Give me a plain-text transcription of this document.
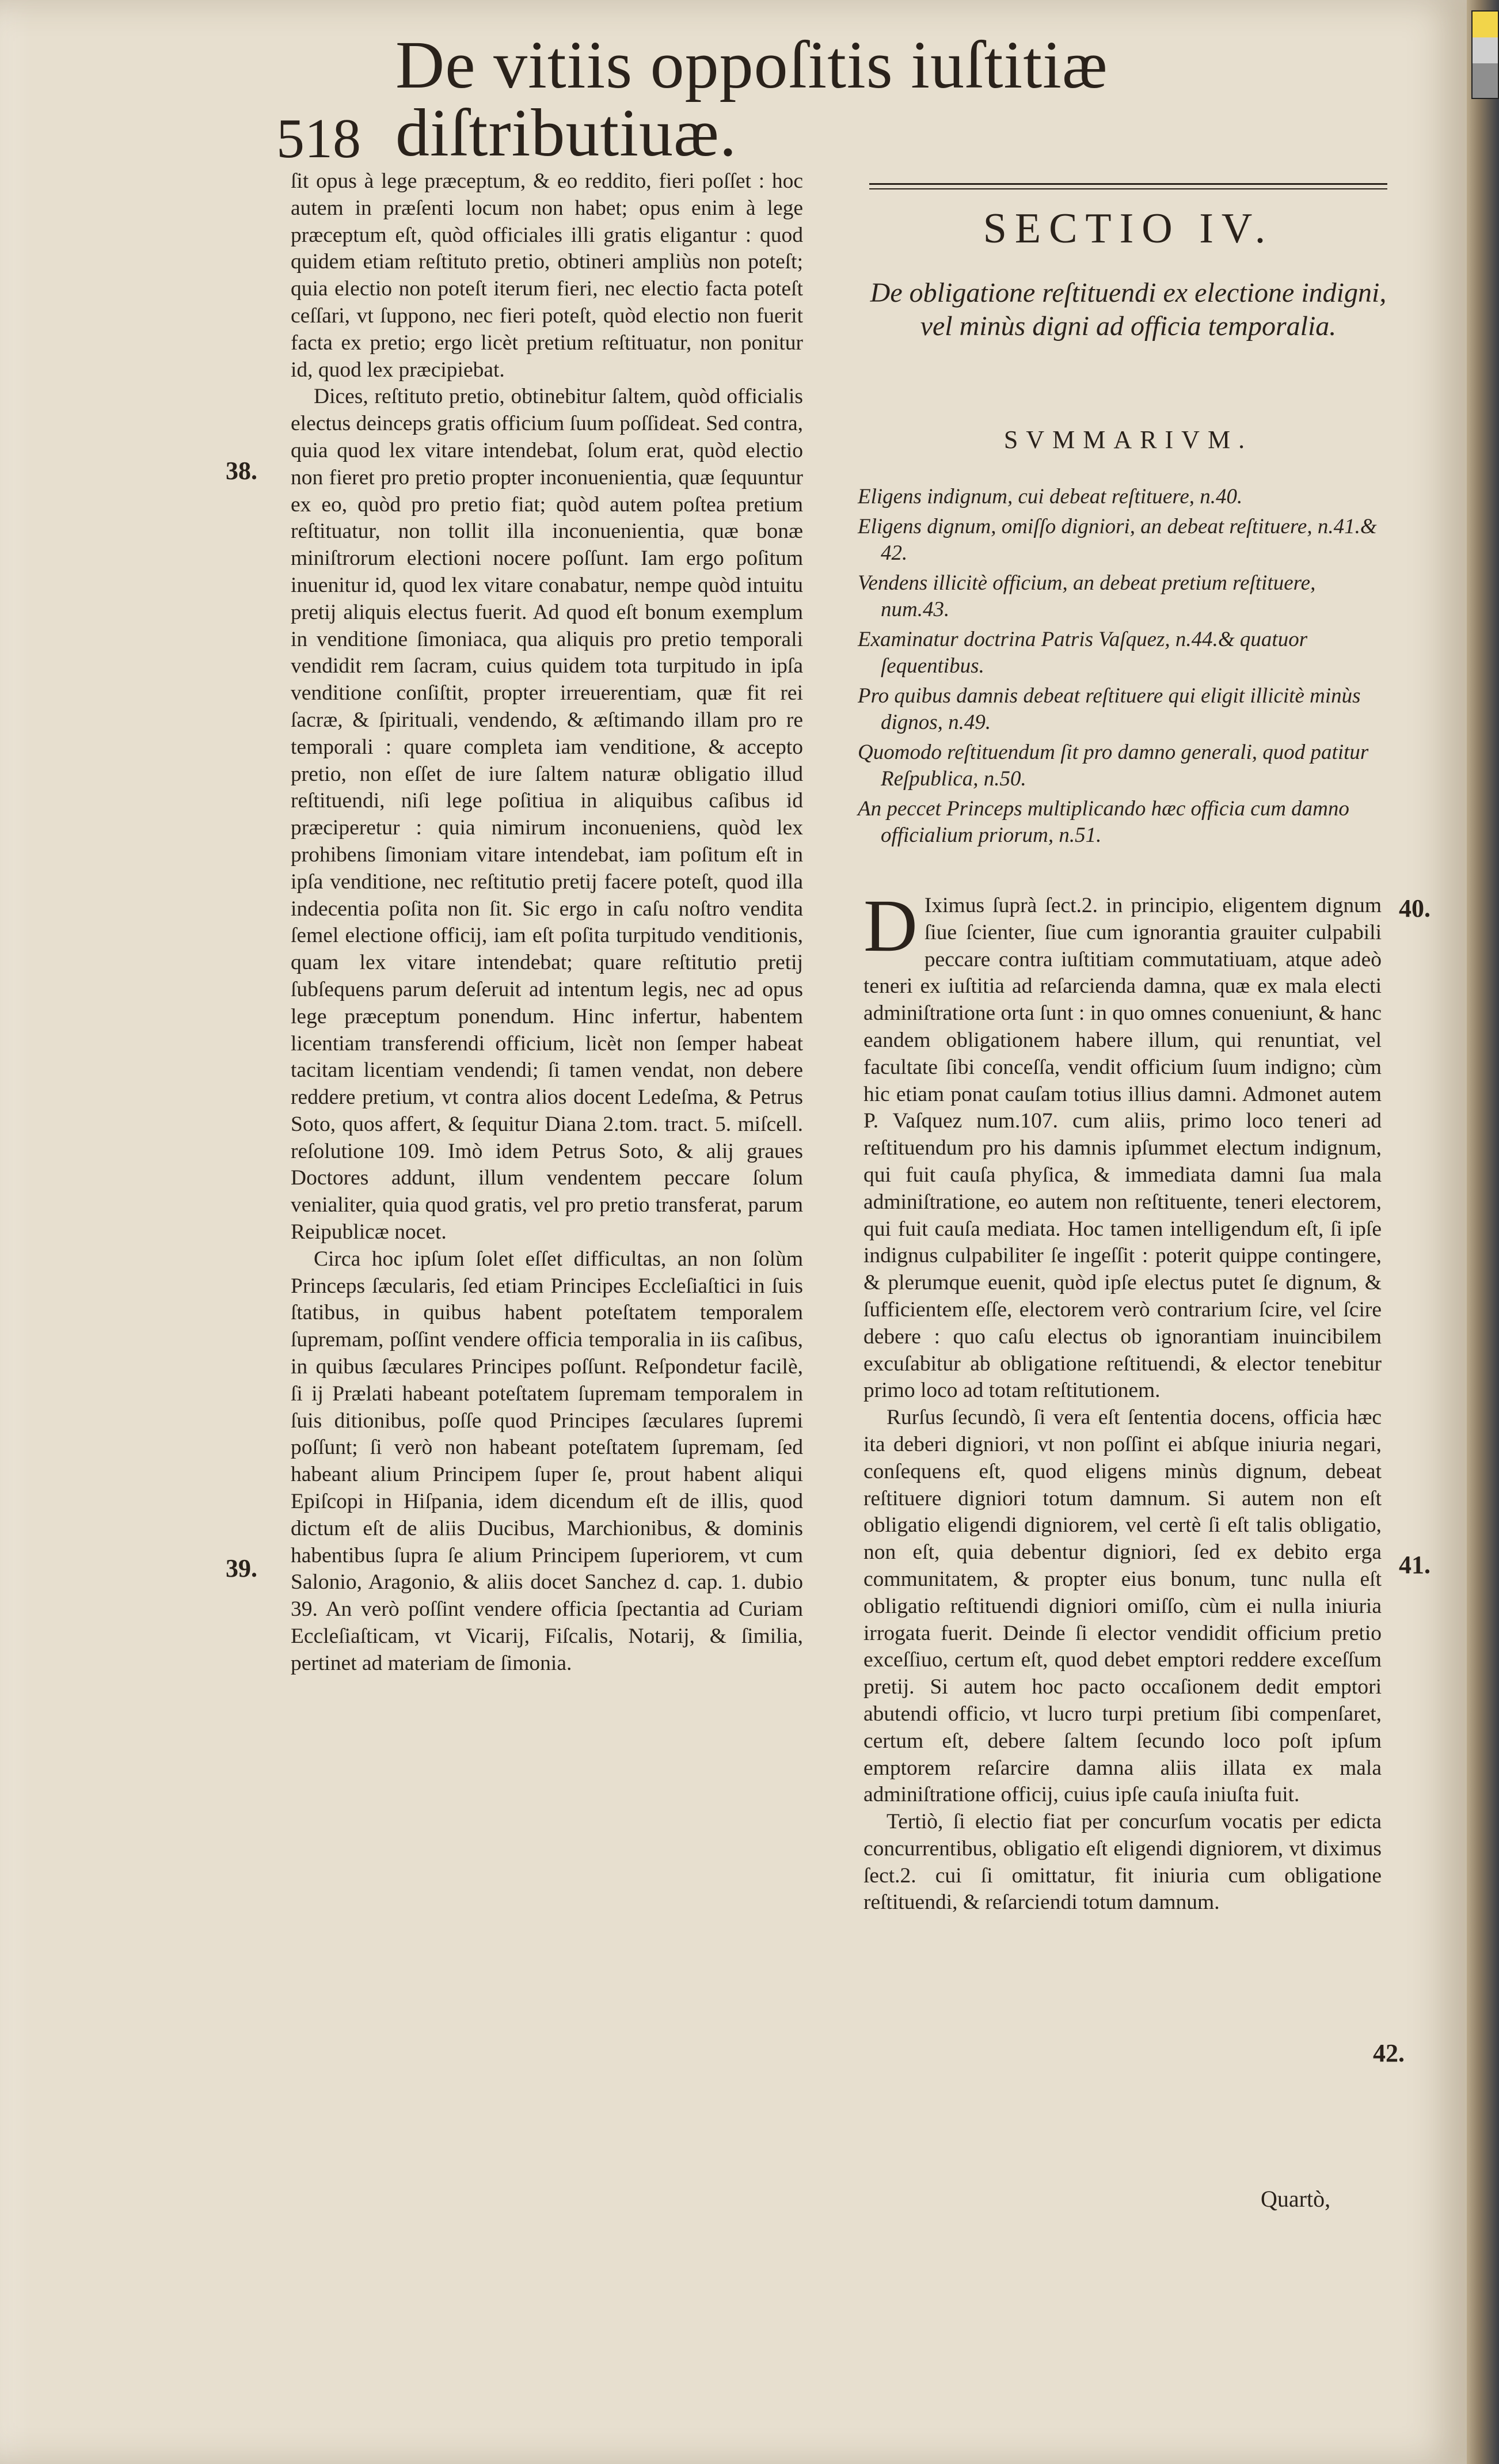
518
De vitiis oppoſitis iuſtitiæ diſtributiuæ.

ſit opus à lege præceptum, & eo reddito, fieri poſſet : hoc autem in præſenti locum non habet; opus enim à lege præceptum eſt, quòd officiales illi gratis eligantur : quod quidem etiam reſtituto pretio, obtineri ampliùs non poteſt; quia electio non poteſt iterum fieri, nec electio facta poteſt ceſſari, vt ſuppono, nec fieri poteſt, quòd electio non fuerit facta ex pretio; ergo licèt pretium reſtituatur, non ponitur id, quod lex præcipiebat.

Dices, reſtituto pretio, obtinebitur ſaltem, quòd officialis electus deinceps gratis officium ſuum poſſideat. Sed contra, quia quod lex vitare intendebat, ſolum erat, quòd electio non fieret pro pretio propter inconuenientia, quæ ſequuntur ex eo, quòd pro pretio fiat; quòd autem poſtea pretium reſtituatur, non tollit illa inconuenientia, quæ bonæ miniſtrorum electioni nocere poſſunt. Iam ergo poſitum inuenitur id, quod lex vitare conabatur, nempe quòd intuitu pretij aliquis electus fuerit. Ad quod eſt bonum exemplum in venditione ſimoniaca, qua aliquis pro pretio temporali vendidit rem ſacram, cuius quidem tota turpitudo in ipſa venditione conſiſtit, propter irreuerentiam, quæ fit rei ſacræ, & ſpirituali, vendendo, & æſtimando illam pro re temporali : quare completa iam venditione, & accepto pretio, non eſſet de iure ſaltem naturæ obligatio illud reſtituendi, niſi lege poſitiua in aliquibus caſibus id præciperetur : quia nimirum inconueniens, quòd lex prohibens ſimoniam vitare intendebat, iam poſitum eſt in ipſa venditione, nec reſtitutio pretij facere poteſt, quod illa indecentia poſita non ſit. Sic ergo in caſu noſtro vendita ſemel electione officij, iam eſt poſita turpitudo venditionis, quam lex vitare intendebat; quare reſtitutio pretij ſubſequens parum deſeruit ad intentum legis, nec ad opus lege præceptum ponendum. Hinc infertur, habentem licentiam transferendi officium, licèt non ſemper habeat tacitam licentiam vendendi; ſi tamen vendat, non debere reddere pretium, vt contra alios docent Ledeſma, & Petrus Soto, quos affert, & ſequitur Diana 2.tom. tract. 5. miſcell. reſolutione 109. Imò idem Petrus Soto, & alij graues Doctores addunt, illum vendentem peccare ſolum venialiter, quia quod gratis, vel pro pretio transferat, parum Reipublicæ nocet.

Circa hoc ipſum ſolet eſſet difficultas, an non ſolùm Princeps ſæcularis, ſed etiam Principes Eccleſiaſtici in ſuis ſtatibus, in quibus habent poteſtatem temporalem ſupremam, poſſint vendere officia temporalia in iis caſibus, in quibus ſæculares Principes poſſunt. Reſpondetur facilè, ſi ij Prælati habeant poteſtatem ſupremam temporalem in ſuis ditionibus, poſſe quod Principes ſæculares ſupremi poſſunt; ſi verò non habeant poteſtatem ſupremam, ſed habeant alium Principem ſuper ſe, prout habent aliqui Epiſcopi in Hiſpania, idem dicendum eſt de illis, quod dictum eſt de aliis Ducibus, Marchionibus, & dominis habentibus ſupra ſe alium Principem ſuperiorem, vt cum Salonio, Aragonio, & aliis docet Sanchez d. cap. 1. dubio 39. An verò poſſint vendere officia ſpectantia ad Curiam Eccleſiaſticam, vt Vicarij, Fiſcalis, Notarij, & ſimilia, pertinet ad materiam de ſimonia.

38.
39.
SECTIO IV.
De obligatione reſtituendi ex electione indigni, vel minùs digni ad officia temporalia.
SVMMARIVM.
Eligens indignum, cui debeat reſtituere, n.40.
Eligens dignum, omiſſo digniori, an debeat reſtituere, n.41.& 42.
Vendens illicitè officium, an debeat pretium reſtituere, num.43.
Examinatur doctrina Patris Vaſquez, n.44.& quatuor ſequentibus.
Pro quibus damnis debeat reſtituere qui eligit illicitè minùs dignos, n.49.
Quomodo reſtituendum ſit pro damno generali, quod patitur Reſpublica, n.50.
An peccet Princeps multiplicando hæc officia cum damno officialium priorum, n.51.

D Iximus ſuprà ſect.2. in principio, eligentem dignum ſiue ſcienter, ſiue cum ignorantia grauiter culpabili peccare contra iuſtitiam commutatiuam, atque adeò teneri ex iuſtitia ad reſarcienda damna, quæ ex mala electi adminiſtratione orta ſunt : in quo omnes conueniunt, & hanc eandem obligationem habere illum, qui renuntiat, vel facultate ſibi conceſſa, vendit officium ſuum indigno; cùm hic etiam ponat cauſam totius illius damni. Admonet autem P. Vaſquez num.107. cum aliis, primo loco teneri ad reſtituendum pro his damnis ipſummet electum indignum, qui fuit cauſa phyſica, & immediata damni ſua mala adminiſtratione, eo autem non reſtituente, teneri electorem, qui fuit cauſa mediata. Hoc tamen intelligendum eſt, ſi ipſe indignus culpabiliter ſe ingeſſit : poterit quippe contingere, & plerumque euenit, quòd ipſe electus putet ſe dignum, & ſufficientem eſſe, electorem verò contrarium ſcire, vel ſcire debere : quo caſu electus ob ignorantiam inuincibilem excuſabitur ab obligatione reſtituendi, & elector tenebitur primo loco ad totam reſtitutionem.

Rurſus ſecundò, ſi vera eſt ſententia docens, officia hæc ita deberi digniori, vt non poſſint ei abſque iniuria negari, conſequens eſt, quod eligens minùs dignum, debeat reſtituere digniori totum damnum. Si autem non eſt obligatio eligendi digniorem, vel certè ſi eſt talis obligatio, non eſt, quia debentur digniori, ſed ex debito erga communitatem, & propter eius bonum, tunc nulla eſt obligatio reſtituendi digniori omiſſo, cùm ei nulla iniuria irrogata fuerit. Deinde ſi elector vendidit officium pretio exceſſiuo, certum eſt, quod debet emptori reddere exceſſum pretij. Si autem hoc pacto occaſionem dedit emptori abutendi officio, vt lucro turpi pretium ſibi compenſaret, certum eſt, debere ſaltem ſecundo loco poſt ipſum emptorem reſarcire damna aliis illata ex mala adminiſtratione officij, cuius ipſe cauſa iniuſta fuit.

Tertiò, ſi electio fiat per concurſum vocatis per edicta concurrentibus, obligatio eſt eligendi digniorem, vt diximus ſect.2. cui ſi omittatur, fit iniuria cum obligatione reſtituendi, & reſarciendi totum damnum.

40.
41.
42.
Quartò,
